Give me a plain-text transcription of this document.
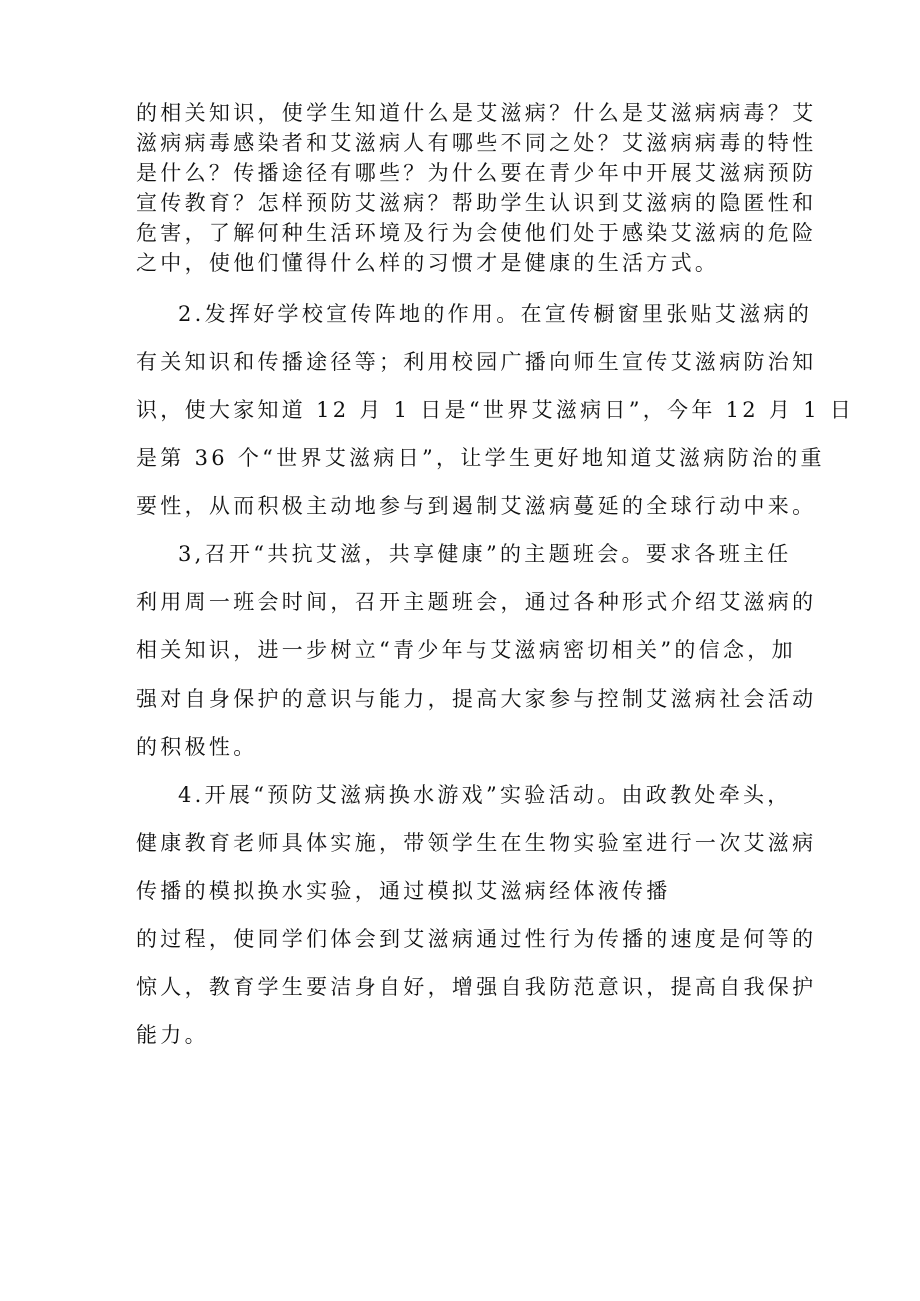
的相关知识，使学生知道什么是艾滋病？什么是艾滋病病毒？艾

滋病病毒感染者和艾滋病人有哪些不同之处？艾滋病病毒的特性

是什么？传播途径有哪些？为什么要在青少年中开展艾滋病预防

宣传教育？怎样预防艾滋病？帮助学生认识到艾滋病的隐匿性和

危害，了解何种生活环境及行为会使他们处于感染艾滋病的危险

之中，使他们懂得什么样的习惯才是健康的生活方式。

2.发挥好学校宣传阵地的作用。在宣传橱窗里张贴艾滋病的

有关知识和传播途径等；利用校园广播向师生宣传艾滋病防治知

识，使大家知道 12 月 1 日是“世界艾滋病日”，今年 12 月 1 日

是第 36 个“世界艾滋病日”，让学生更好地知道艾滋病防治的重

要性，从而积极主动地参与到遏制艾滋病蔓延的全球行动中来。

3,召开“共抗艾滋，共享健康”的主题班会。要求各班主任

利用周一班会时间，召开主题班会，通过各种形式介绍艾滋病的

相关知识，进一步树立“青少年与艾滋病密切相关”的信念，加

强对自身保护的意识与能力，提高大家参与控制艾滋病社会活动

的积极性。

4.开展“预防艾滋病换水游戏”实验活动。由政教处牵头，

健康教育老师具体实施，带领学生在生物实验室进行一次艾滋病

传播的模拟换水实验，通过模拟艾滋病经体液传播

的过程，使同学们体会到艾滋病通过性行为传播的速度是何等的

惊人，教育学生要洁身自好，增强自我防范意识，提高自我保护

能力。
